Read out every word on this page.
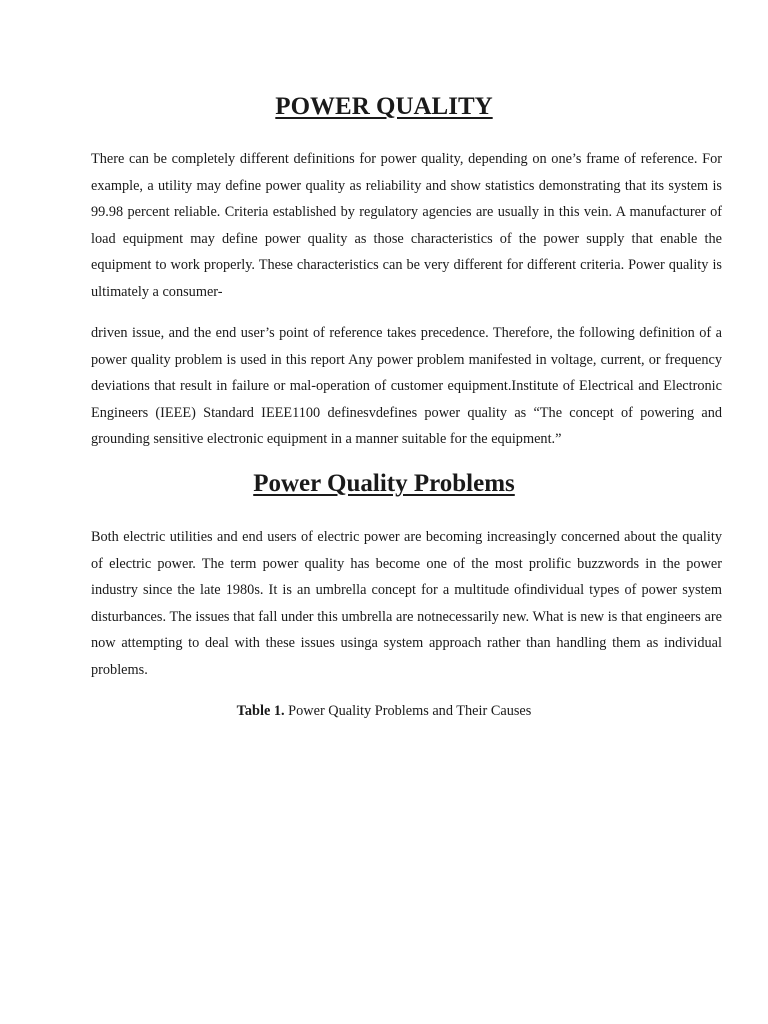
POWER QUALITY

There can be completely different definitions for power quality, depending on one’s frame of reference. For example, a utility may define power quality as reliability and show statistics demonstrating that its system is 99.98 percent reliable. Criteria established by regulatory agencies are usually in this vein. A manufacturer of load equipment may define power quality as those characteristics of the power supply that enable the equipment to work properly. These characteristics can be very different for different criteria. Power quality is ultimately a consumer-

driven issue, and the end user’s point of reference takes precedence. Therefore, the following definition of a power quality problem is used in this report Any power problem manifested in voltage, current, or frequency deviations that result in failure or mal-operation of customer equipment.Institute of Electrical and Electronic Engineers (IEEE) Standard IEEE1100 definesvdefines power quality as “The concept of powering and grounding sensitive electronic equipment in a manner suitable for the equipment.”

Power Quality Problems

Both electric utilities and end users of electric power are becoming increasingly concerned about the quality of electric power. The term power quality has become one of the most prolific buzzwords in the power industry since the late 1980s. It is an umbrella concept for a multitude ofindividual types of power system disturbances. The issues that fall under this umbrella are notnecessarily new. What is new is that engineers are now attempting to deal with these issues usinga system approach rather than handling them as individual problems.

Table 1. Power Quality Problems and Their Causes
